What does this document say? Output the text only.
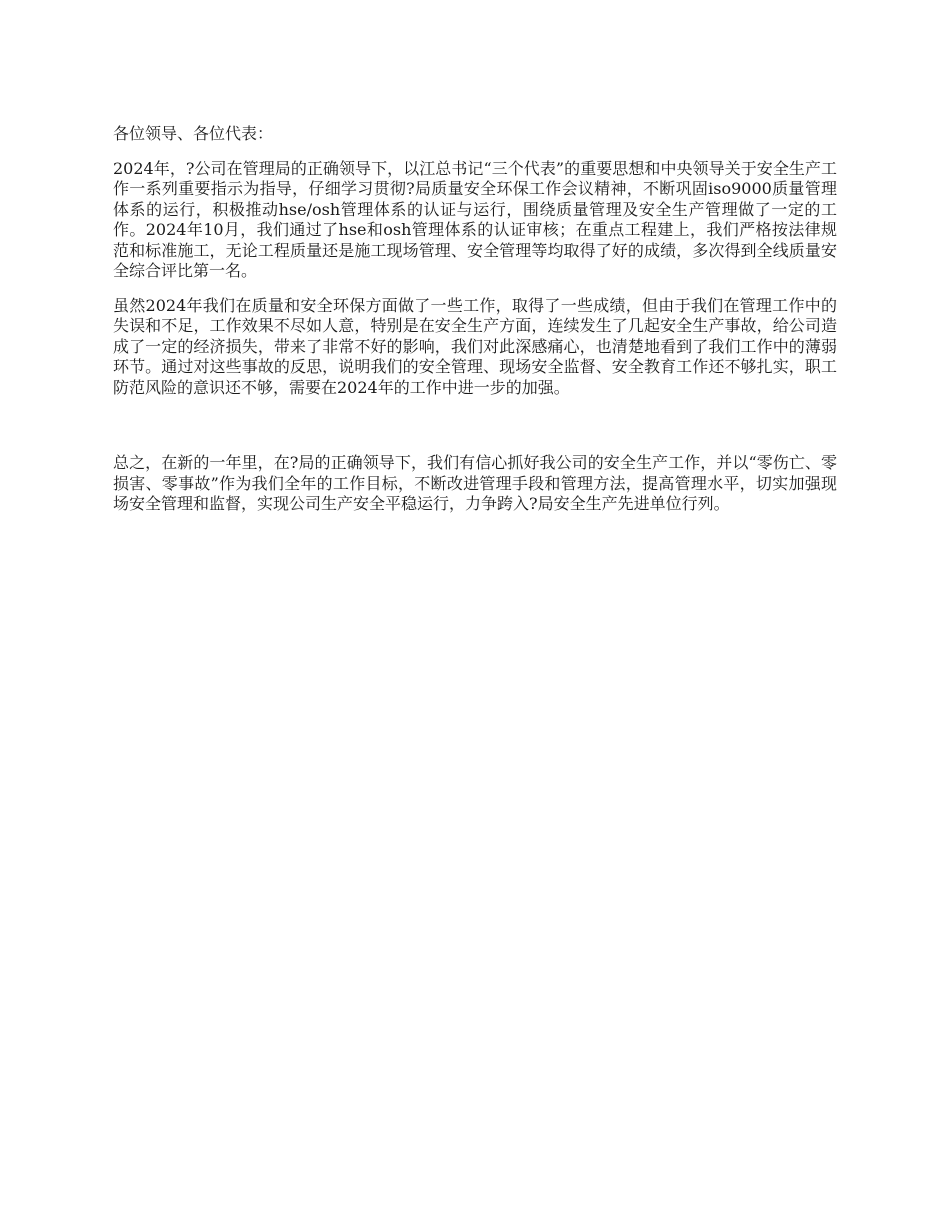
各位领导、各位代表：

2024年，?公司在管理局的正确领导下，以江总书记“三个代表”的重要思想和中央领导关于安全生产工作一系列重要指示为指导，仔细学习贯彻?局质量安全环保工作会议精神，不断巩固iso9000质量管理体系的运行，积极推动hse/osh管理体系的认证与运行，围绕质量管理及安全生产管理做了一定的工作。2024年10月，我们通过了hse和osh管理体系的认证审核；在重点工程建上，我们严格按法律规范和标准施工，无论工程质量还是施工现场管理、安全管理等均取得了好的成绩，多次得到全线质量安全综合评比第一名。

虽然2024年我们在质量和安全环保方面做了一些工作，取得了一些成绩，但由于我们在管理工作中的失误和不足，工作效果不尽如人意，特别是在安全生产方面，连续发生了几起安全生产事故，给公司造成了一定的经济损失，带来了非常不好的影响，我们对此深感痛心，也清楚地看到了我们工作中的薄弱环节。通过对这些事故的反思，说明我们的安全管理、现场安全监督、安全教育工作还不够扎实，职工防范风险的意识还不够，需要在2024年的工作中进一步的加强。

总之，在新的一年里，在?局的正确领导下，我们有信心抓好我公司的安全生产工作，并以“零伤亡、零损害、零事故”作为我们全年的工作目标，不断改进管理手段和管理方法，提高管理水平，切实加强现场安全管理和监督，实现公司生产安全平稳运行，力争跨入?局安全生产先进单位行列。
